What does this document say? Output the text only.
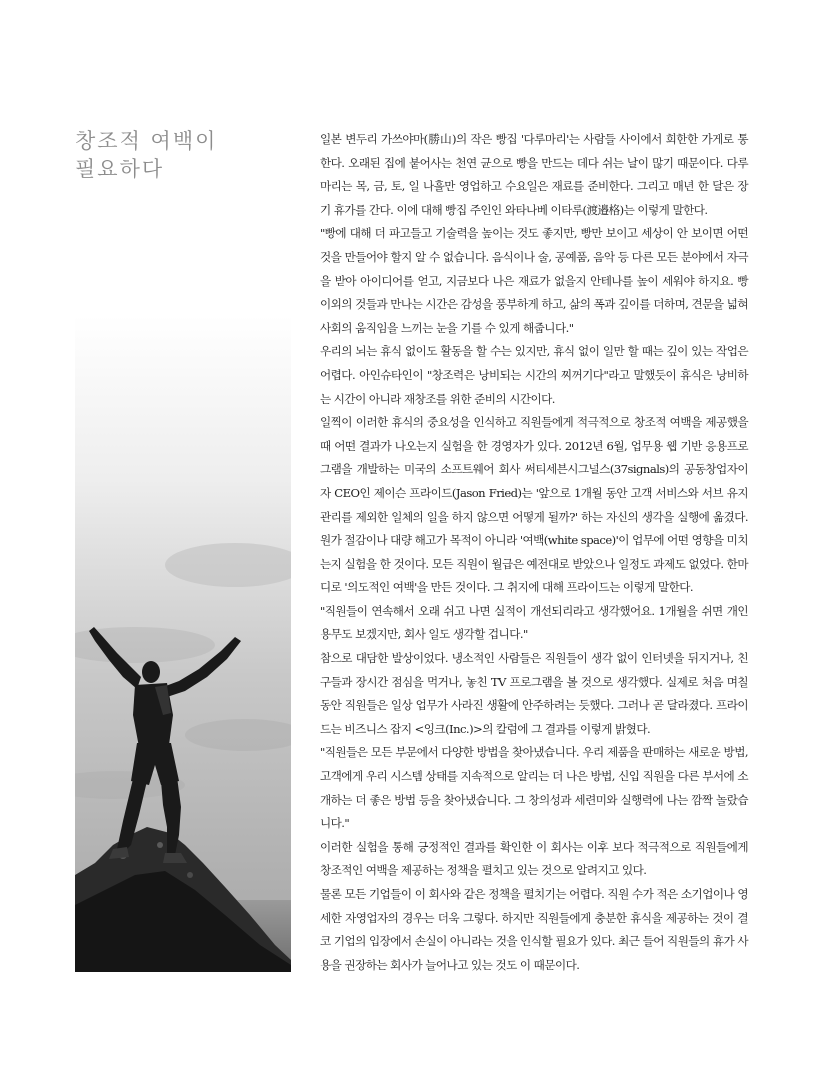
창조적 여백이
필요하다

일본 변두리 가쓰야마(勝山)의 작은 빵집 '다루마리'는 사람들 사이에서 희한한 가게로 통한다. 오래된 집에 붙어사는 천연 균으로 빵을 만드는 데다 쉬는 날이 많기 때문이다. 다루마리는 목, 금, 토, 일 나흘만 영업하고 수요일은 재료를 준비한다. 그리고 매년 한 달은 장기 휴가를 간다. 이에 대해 빵집 주인인 와타나베 이타루(渡邉格)는 이렇게 말한다.

"빵에 대해 더 파고들고 기술력을 높이는 것도 좋지만, 빵만 보이고 세상이 안 보이면 어떤 것을 만들어야 할지 알 수 없습니다. 음식이나 술, 공예품, 음악 등 다른 모든 분야에서 자극을 받아 아이디어를 얻고, 지금보다 나은 재료가 없을지 안테나를 높이 세워야 하지요. 빵 이외의 것들과 만나는 시간은 감성을 풍부하게 하고, 삶의 폭과 깊이를 더하며, 견문을 넓혀 사회의 움직임을 느끼는 눈을 기를 수 있게 해줍니다."

우리의 뇌는 휴식 없이도 활동을 할 수는 있지만, 휴식 없이 일만 할 때는 깊이 있는 작업은 어렵다. 아인슈타인이 "창조력은 낭비되는 시간의 찌꺼기다"라고 말했듯이 휴식은 낭비하는 시간이 아니라 재창조를 위한 준비의 시간이다.

일찍이 이러한 휴식의 중요성을 인식하고 직원들에게 적극적으로 창조적 여백을 제공했을 때 어떤 결과가 나오는지 실험을 한 경영자가 있다. 2012년 6월, 업무용 웹 기반 응용프로그램을 개발하는 미국의 소프트웨어 회사 써티세븐시그널스(37signals)의 공동창업자이자 CEO인 제이슨 프라이드(Jason Fried)는 '앞으로 1개월 동안 고객 서비스와 서브 유지 관리를 제외한 일체의 일을 하지 않으면 어떻게 될까?' 하는 자신의 생각을 실행에 옮겼다. 원가 절감이나 대량 해고가 목적이 아니라 '여백(white space)'이 업무에 어떤 영향을 미치는지 실험을 한 것이다. 모든 직원이 월급은 예전대로 받았으나 일정도 과제도 없었다. 한마디로 '의도적인 여백'을 만든 것이다. 그 취지에 대해 프라이드는 이렇게 말한다.

"직원들이 연속해서 오래 쉬고 나면 실적이 개선되리라고 생각했어요. 1개월을 쉬면 개인 용무도 보겠지만, 회사 일도 생각할 겁니다."

참으로 대담한 발상이었다. 냉소적인 사람들은 직원들이 생각 없이 인터넷을 뒤지거나, 친구들과 장시간 점심을 먹거나, 놓친 TV 프로그램을 볼 것으로 생각했다. 실제로 처음 며칠 동안 직원들은 일상 업무가 사라진 생활에 안주하려는 듯했다. 그러나 곧 달라졌다. 프라이드는 비즈니스 잡지 <잉크(Inc.)>의 칼럼에 그 결과를 이렇게 밝혔다.

"직원들은 모든 부문에서 다양한 방법을 찾아냈습니다. 우리 제품을 판매하는 새로운 방법, 고객에게 우리 시스템 상태를 지속적으로 알리는 더 나은 방법, 신입 직원을 다른 부서에 소개하는 더 좋은 방법 등을 찾아냈습니다. 그 창의성과 세련미와 실행력에 나는 깜짝 놀랐습니다."

이러한 실험을 통해 긍정적인 결과를 확인한 이 회사는 이후 보다 적극적으로 직원들에게 창조적인 여백을 제공하는 정책을 펼치고 있는 것으로 알려지고 있다.

물론 모든 기업들이 이 회사와 같은 정책을 펼치기는 어렵다. 직원 수가 적은 소기업이나 영세한 자영업자의 경우는 더욱 그렇다. 하지만 직원들에게 충분한 휴식을 제공하는 것이 결코 기업의 입장에서 손실이 아니라는 것을 인식할 필요가 있다. 최근 들어 직원들의 휴가 사용을 권장하는 회사가 늘어나고 있는 것도 이 때문이다.
